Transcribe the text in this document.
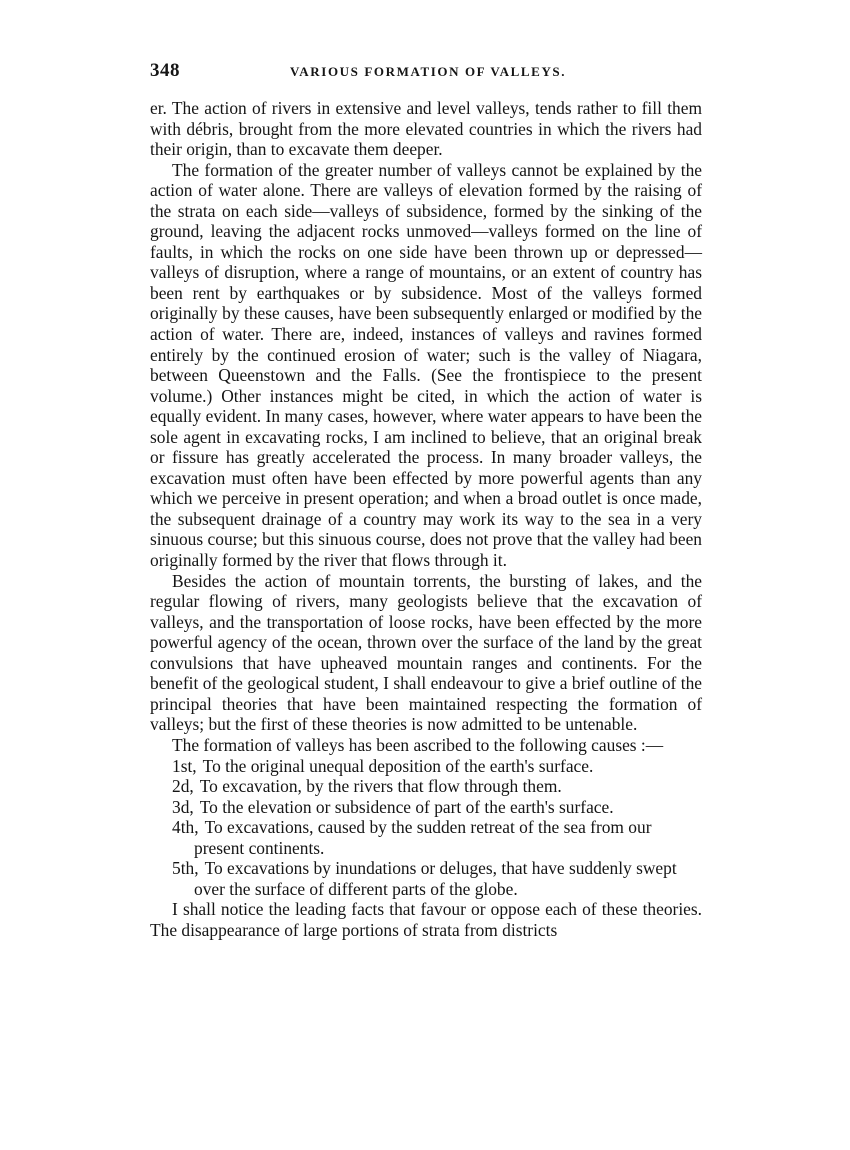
348	VARIOUS FORMATION OF VALLEYS.

er. The action of rivers in extensive and level valleys, tends rather to fill them with débris, brought from the more elevated countries in which the rivers had their origin, than to excavate them deeper.

The formation of the greater number of valleys cannot be explained by the action of water alone. There are valleys of elevation formed by the raising of the strata on each side—valleys of subsidence, formed by the sinking of the ground, leaving the adjacent rocks unmoved—valleys formed on the line of faults, in which the rocks on one side have been thrown up or depressed—valleys of disruption, where a range of mountains, or an extent of country has been rent by earthquakes or by subsidence. Most of the valleys formed originally by these causes, have been subsequently enlarged or modified by the action of water. There are, indeed, instances of valleys and ravines formed entirely by the continued erosion of water; such is the valley of Niagara, between Queenstown and the Falls. (See the frontispiece to the present volume.) Other instances might be cited, in which the action of water is equally evident. In many cases, however, where water appears to have been the sole agent in excavating rocks, I am inclined to believe, that an original break or fissure has greatly accelerated the process. In many broader valleys, the excavation must often have been effected by more powerful agents than any which we perceive in present operation; and when a broad outlet is once made, the subsequent drainage of a country may work its way to the sea in a very sinuous course; but this sinuous course, does not prove that the valley had been originally formed by the river that flows through it.

Besides the action of mountain torrents, the bursting of lakes, and the regular flowing of rivers, many geologists believe that the excavation of valleys, and the transportation of loose rocks, have been effected by the more powerful agency of the ocean, thrown over the surface of the land by the great convulsions that have upheaved mountain ranges and continents. For the benefit of the geological student, I shall endeavour to give a brief outline of the principal theories that have been maintained respecting the formation of valleys; but the first of these theories is now admitted to be untenable.

The formation of valleys has been ascribed to the following causes :—

1st, To the original unequal deposition of the earth's surface.
2d, To excavation, by the rivers that flow through them.
3d, To the elevation or subsidence of part of the earth's surface.
4th, To excavations, caused by the sudden retreat of the sea from our present continents.
5th, To excavations by inundations or deluges, that have suddenly swept over the surface of different parts of the globe.

I shall notice the leading facts that favour or oppose each of these theories. The disappearance of large portions of strata from districts
